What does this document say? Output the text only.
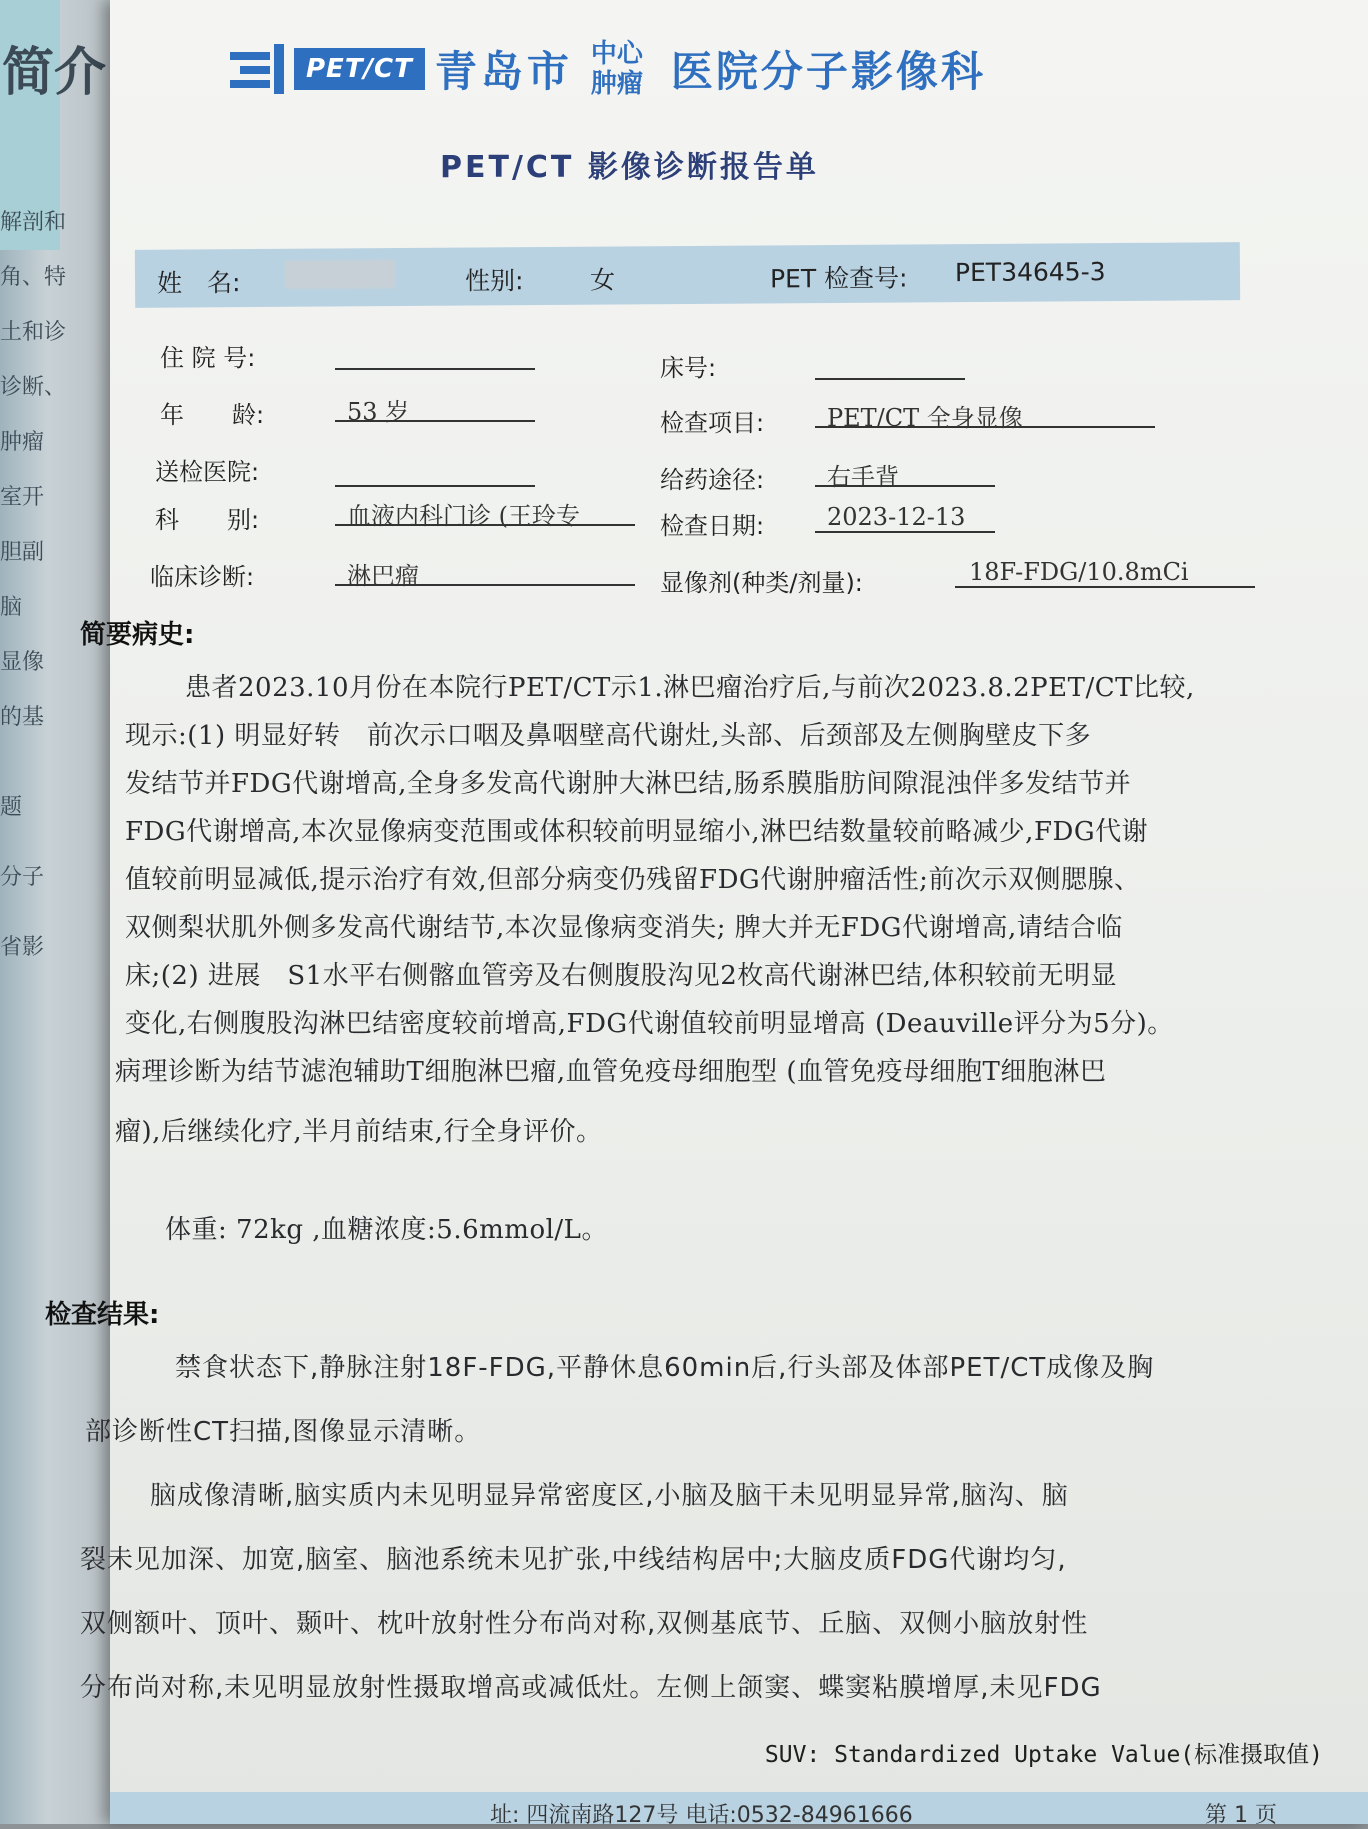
简介
解剖和
角、特
土和诊
诊断、
肿瘤
室开
胆副
脑
显像
的基
题
分子
省影
PET/CT 青岛市 中心
肿瘤 医院分子影像科
PET/CT 影像诊断报告单
姓　名:	性别:	女	PET 检查号: PET34645-3
住 院 号:
年　　龄:	53 岁
送检医院:
科　　别:	血液内科门诊 (王玲专
临床诊断:	淋巴瘤
床号:
检查项目:	PET/CT 全身显像
给药途径:	右手背
检查日期:	2023-12-13
显像剂(种类/剂量):	18F-FDG/10.8mCi
简要病史:
患者2023.10月份在本院行PET/CT示1.淋巴瘤治疗后,与前次2023.8.2PET/CT比较,
现示:(1) 明显好转　前次示口咽及鼻咽壁高代谢灶,头部、后颈部及左侧胸壁皮下多
发结节并FDG代谢增高,全身多发高代谢肿大淋巴结,肠系膜脂肪间隙混浊伴多发结节并
FDG代谢增高,本次显像病变范围或体积较前明显缩小,淋巴结数量较前略减少,FDG代谢
值较前明显减低,提示治疗有效,但部分病变仍残留FDG代谢肿瘤活性;前次示双侧腮腺、
双侧梨状肌外侧多发高代谢结节,本次显像病变消失; 脾大并无FDG代谢增高,请结合临
床;(2) 进展　S1水平右侧髂血管旁及右侧腹股沟见2枚高代谢淋巴结,体积较前无明显
变化,右侧腹股沟淋巴结密度较前增高,FDG代谢值较前明显增高 (Deauville评分为5分)。
病理诊断为结节滤泡辅助T细胞淋巴瘤,血管免疫母细胞型 (血管免疫母细胞T细胞淋巴
瘤),后继续化疗,半月前结束,行全身评价。
体重: 72kg ,血糖浓度:5.6mmol/L。
检查结果:
禁食状态下,静脉注射18F-FDG,平静休息60min后,行头部及体部PET/CT成像及胸
部诊断性CT扫描,图像显示清晰。
脑成像清晰,脑实质内未见明显异常密度区,小脑及脑干未见明显异常,脑沟、脑
裂未见加深、加宽,脑室、脑池系统未见扩张,中线结构居中;大脑皮质FDG代谢均匀,
双侧额叶、顶叶、颞叶、枕叶放射性分布尚对称,双侧基底节、丘脑、双侧小脑放射性
分布尚对称,未见明显放射性摄取增高或减低灶。左侧上颌窦、蝶窦粘膜增厚,未见FDG
SUV: Standardized Uptake Value(标准摄取值)
址: 四流南路127号 电话:0532-84961666	第 1 页
